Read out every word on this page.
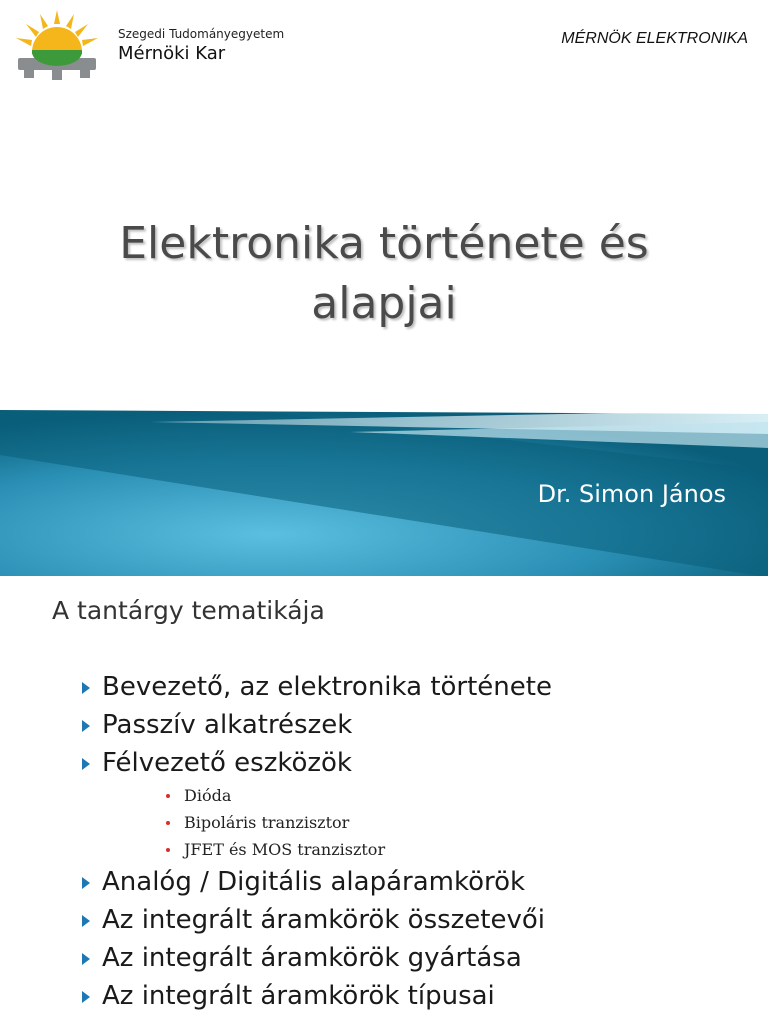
Szegedi Tudományegyetem
Mérnöki Kar
MÉRNÖK ELEKTRONIKA
Elektronika története és
alapjai
Dr. Simon János
A tantárgy tematikája
Bevezető, az elektronika története
Passzív alkatrészek
Félvezető eszközök
Dióda
Bipoláris tranzisztor
JFET és MOS tranzisztor
Analóg / Digitális alapáramkörök
Az integrált áramkörök összetevői
Az integrált áramkörök gyártása
Az integrált áramkörök típusai
